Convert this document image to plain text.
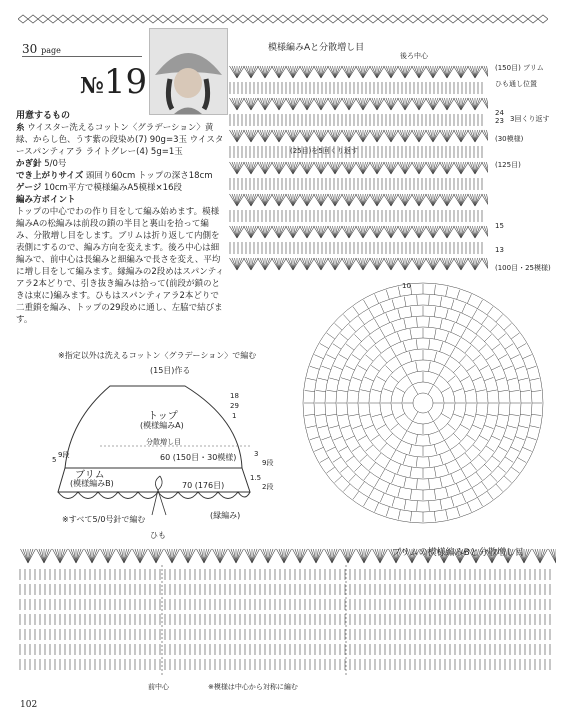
30 page
№19
用意するもの
糸 ウイスター洗えるコットン〈グラデーション〉黄緑、からし色、うす紫の段染め(7) 90g=3玉 ウイスタースパンティアラ ライトグレー(4) 5g=1玉
かぎ針 5/0号
でき上がりサイズ 頭回り60cm トップの深さ18cm
ゲージ 10cm平方で模様編みA5模様×16段
編み方ポイント
トップの中心でわの作り目をして編み始めます。模様編みAの松編みは前段の鎖の半目と裏山を拾って編み、分散増し目をします。ブリムは折り返して内側を表側にするので、編み方向を変えます。後ろ中心は細編みで、前中心は長編みと細編みで長さを変え、平均に増し目をして編みます。縁編みの2段めはスパンティアラ2本どりで、引き抜き編みは拾って(前段が鎖のときは束に)編みます。ひもはスパンティアラ2本どりで二重鎖を編み、トップの29段めに通し、左脇で結びます。
※指定以外は洗えるコットン〈グラデーション〉で編む
(15目)作る
トップ
(模様編みA)
分散増し目
18
29
1
60 (150目・30模様)	3
9段
5
9段
ブリム
(模様編みB)	70 (176目)
1.5
2段
(縁編み)
※すべて5/0号針で編む
ひも
模様編みAと分散増し目
後ろ中心
(150目) ブリム
ひも通し位置
24
23 3回くり返す
(30模様)
(125目)
(25目)を5回くり返す
15
13
(100目・25模様)
10
ブリムの模様編みBと分散増し目
前中心	※模様は中心から対称に編む
102
